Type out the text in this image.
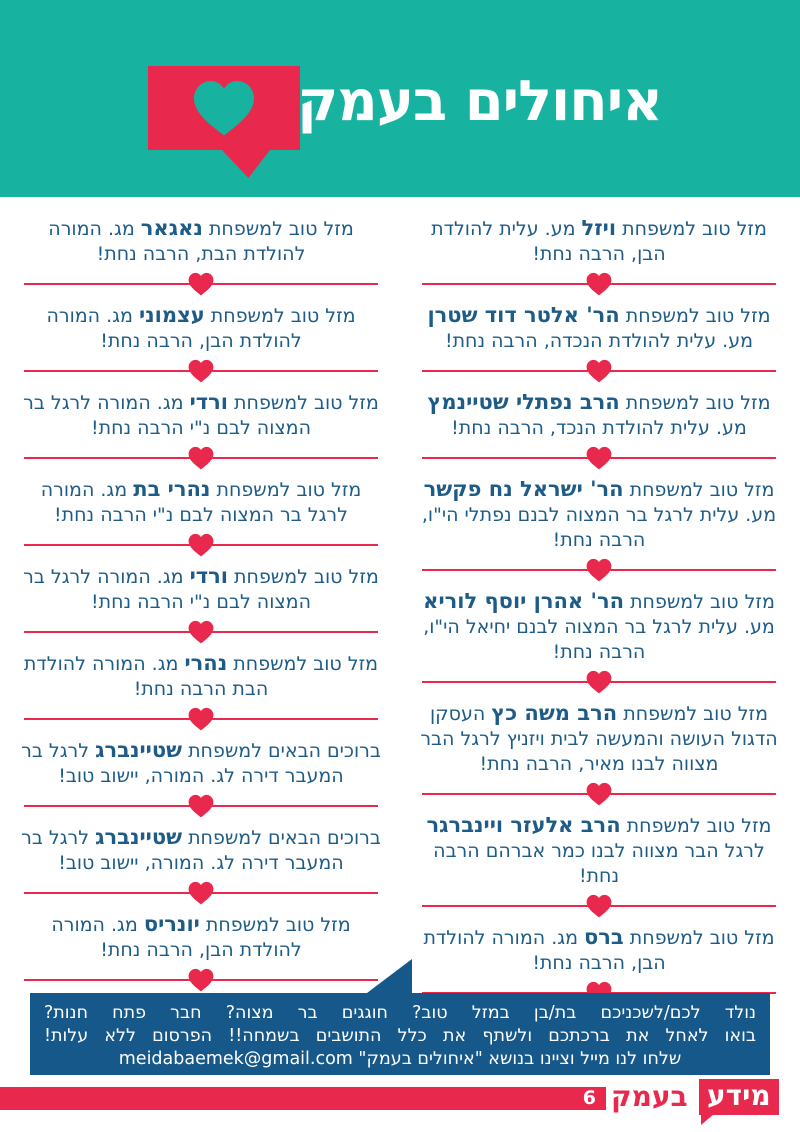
איחולים בעמק
מזל טוב למשפחת ויזל מע. עלית להולדת הבן, הרבה נחת!
מזל טוב למשפחת הר' אלטר דוד שטרן מע. עלית להולדת הנכדה, הרבה נחת!
מזל טוב למשפחת הרב נפתלי שטיינמץ מע. עלית להולדת הנכד, הרבה נחת!
מזל טוב למשפחת הר' ישראל נח פקשר מע. עלית לרגל בר המצוה לבנם נפתלי הי"ו, הרבה נחת!
מזל טוב למשפחת הר' אהרן יוסף לוריא מע. עלית לרגל בר המצוה לבנם יחיאל הי"ו, הרבה נחת!
מזל טוב למשפחת הרב משה כץ העסקן הדגול העושה והמעשה לבית ויזניץ לרגל הבר מצווה לבנו מאיר, הרבה נחת!
מזל טוב למשפחת הרב אלעזר ויינברגר לרגל הבר מצווה לבנו כמר אברהם הרבה נחת!
מזל טוב למשפחת ברס מג. המורה להולדת הבן, הרבה נחת!
מזל טוב למשפחת נאגאר מג. המורה להולדת הבת, הרבה נחת!
מזל טוב למשפחת עצמוני מג. המורה להולדת הבן, הרבה נחת!
מזל טוב למשפחת ורדי מג. המורה לרגל בר המצוה לבם נ"י הרבה נחת!
מזל טוב למשפחת נהרי בת מג. המורה לרגל בר המצוה לבם נ"י הרבה נחת!
מזל טוב למשפחת ורדי מג. המורה לרגל בר המצוה לבם נ"י הרבה נחת!
מזל טוב למשפחת נהרי מג. המורה להולדת הבת הרבה נחת!
ברוכים הבאים למשפחת שטיינברג לרגל בר המעבר דירה לג. המורה, יישוב טוב!
ברוכים הבאים למשפחת שטיינברג לרגל בר המעבר דירה לג. המורה, יישוב טוב!
מזל טוב למשפחת יונריס מג. המורה להולדת הבן, הרבה נחת!
נולד לכם/לשכניכם בת/בן במזל טוב? חוגגים בר מצוה? חבר פתח חנות?
בואו לאחל את ברכתכם ולשתף את כלל התושבים בשמחה!! הפרסום ללא עלות!
שלחו לנו מייל וציינו בנושא "איחולים בעמק" meidabaemek@gmail.com
6 בעמק מידע
